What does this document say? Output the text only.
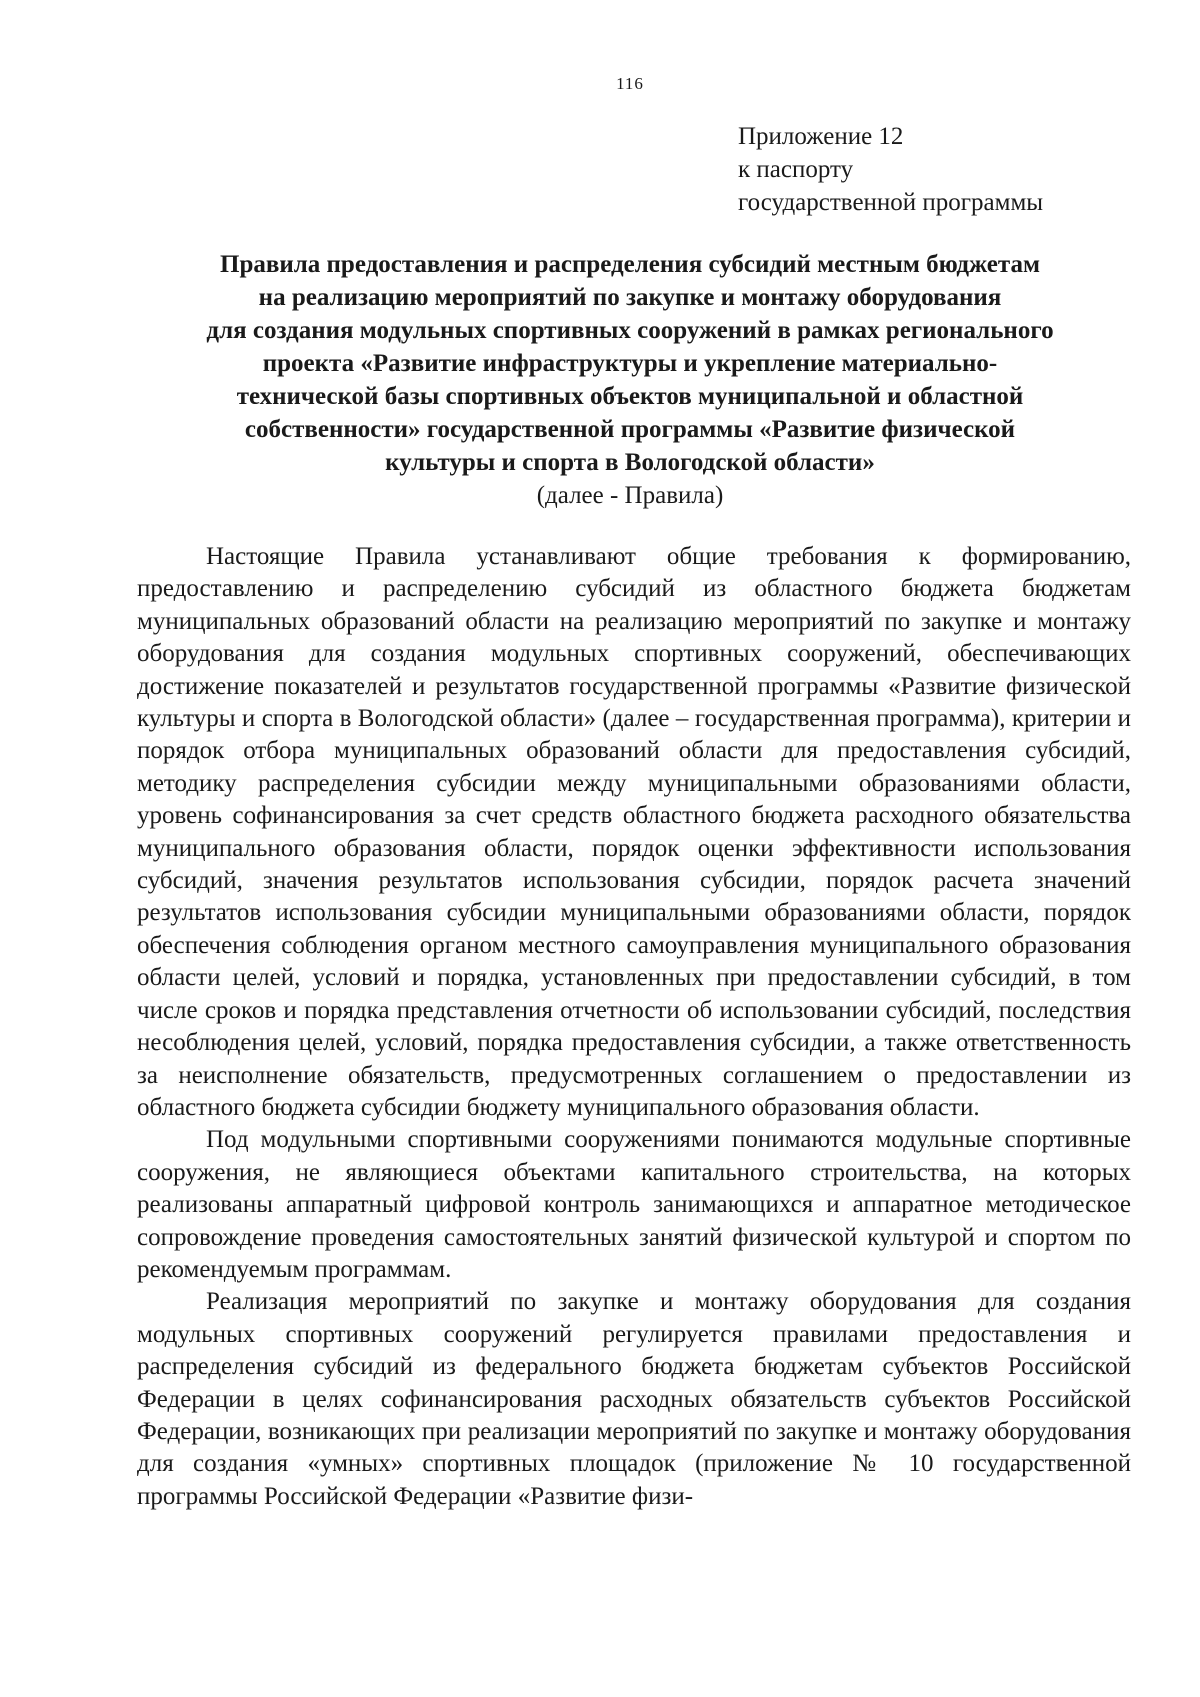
116
Приложение 12
к паспорту
государственной программы
Правила предоставления и распределения субсидий местным бюджетам
на реализацию мероприятий по закупке и монтажу оборудования
для создания модульных спортивных сооружений в рамках регионального
проекта «Развитие инфраструктуры и укрепление материально-
технической базы спортивных объектов муниципальной и областной
собственности» государственной программы «Развитие физической
культуры и спорта в Вологодской области»
(далее - Правила)

Настоящие Правила устанавливают общие требования к формированию, предоставлению и распределению субсидий из областного бюджета бюджетам муниципальных образований области на реализацию мероприятий по закупке и монтажу оборудования для создания модульных спортивных сооружений, обеспечивающих достижение показателей и результатов государственной программы «Развитие физической культуры и спорта в Вологодской области» (далее – государственная программа), критерии и порядок отбора муниципальных образований области для предоставления субсидий, методику распределения субсидии между муниципальными образованиями области, уровень софинансирования за счет средств областного бюджета расходного обязательства муниципального образования области, порядок оценки эффективности использования субсидий, значения результатов использования субсидии, порядок расчета значений результатов использования субсидии муниципальными образованиями области, порядок обеспечения соблюдения органом местного самоуправления муниципального образования области целей, условий и порядка, установленных при предоставлении субсидий, в том числе сроков и порядка представления отчетности об использовании субсидий, последствия несоблюдения целей, условий, порядка предоставления субсидии, а также ответственность за неисполнение обязательств, предусмотренных соглашением о предоставлении из областного бюджета субсидии бюджету муниципального образования области.

Под модульными спортивными сооружениями понимаются модульные спортивные сооружения, не являющиеся объектами капитального строительства, на которых реализованы аппаратный цифровой контроль занимающихся и аппаратное методическое сопровождение проведения самостоятельных занятий физической культурой и спортом по рекомендуемым программам.

Реализация мероприятий по закупке и монтажу оборудования для создания модульных спортивных сооружений регулируется правилами предоставления и распределения субсидий из федерального бюджета бюджетам субъектов Российской Федерации в целях софинансирования расходных обязательств субъектов Российской Федерации, возникающих при реализации мероприятий по закупке и монтажу оборудования для создания «умных» спортивных площадок (приложение № 10 государственной программы Российской Федерации «Развитие физи-
